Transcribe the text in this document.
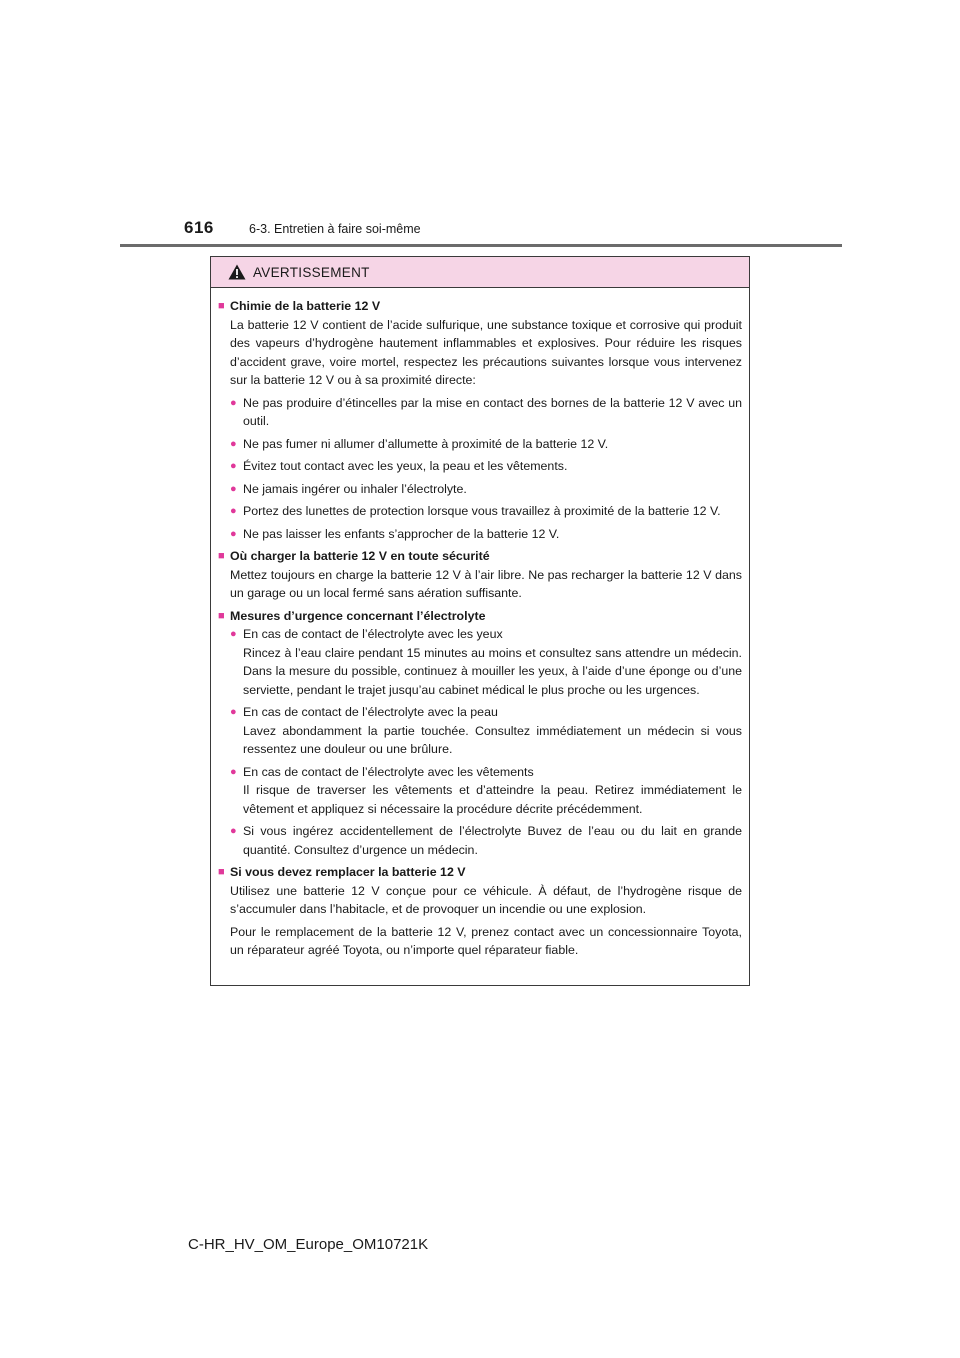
616	6-3. Entretien à faire soi-même
AVERTISSEMENT
■ Chimie de la batterie 12 V
La batterie 12 V contient de l’acide sulfurique, une substance toxique et corrosive qui produit des vapeurs d’hydrogène hautement inflammables et explosives. Pour réduire les risques d’accident grave, voire mortel, respectez les précautions suivantes lorsque vous intervenez sur la batterie 12 V ou à sa proximité directe:
● Ne pas produire d’étincelles par la mise en contact des bornes de la batterie 12 V avec un outil.
● Ne pas fumer ni allumer d’allumette à proximité de la batterie 12 V.
● Évitez tout contact avec les yeux, la peau et les vêtements.
● Ne jamais ingérer ou inhaler l’électrolyte.
● Portez des lunettes de protection lorsque vous travaillez à proximité de la batterie 12 V.
● Ne pas laisser les enfants s’approcher de la batterie 12 V.
■ Où charger la batterie 12 V en toute sécurité
Mettez toujours en charge la batterie 12 V à l’air libre. Ne pas recharger la batterie 12 V dans un garage ou un local fermé sans aération suffisante.
■ Mesures d’urgence concernant l’électrolyte
● En cas de contact de l’électrolyte avec les yeux
Rincez à l’eau claire pendant 15 minutes au moins et consultez sans attendre un médecin. Dans la mesure du possible, continuez à mouiller les yeux, à l’aide d’une éponge ou d’une serviette, pendant le trajet jusqu’au cabinet médical le plus proche ou les urgences.
● En cas de contact de l’électrolyte avec la peau
Lavez abondamment la partie touchée. Consultez immédiatement un médecin si vous ressentez une douleur ou une brûlure.
● En cas de contact de l’électrolyte avec les vêtements
Il risque de traverser les vêtements et d’atteindre la peau. Retirez immédiatement le vêtement et appliquez si nécessaire la procédure décrite précédemment.
● Si vous ingérez accidentellement de l’électrolyte Buvez de l’eau ou du lait en grande quantité. Consultez d’urgence un médecin.
■ Si vous devez remplacer la batterie 12 V
Utilisez une batterie 12 V conçue pour ce véhicule. À défaut, de l’hydrogène risque de s’accumuler dans l’habitacle, et de provoquer un incendie ou une explosion.
Pour le remplacement de la batterie 12 V, prenez contact avec un concessionnaire Toyota, un réparateur agréé Toyota, ou n’importe quel réparateur fiable.
C-HR_HV_OM_Europe_OM10721K
